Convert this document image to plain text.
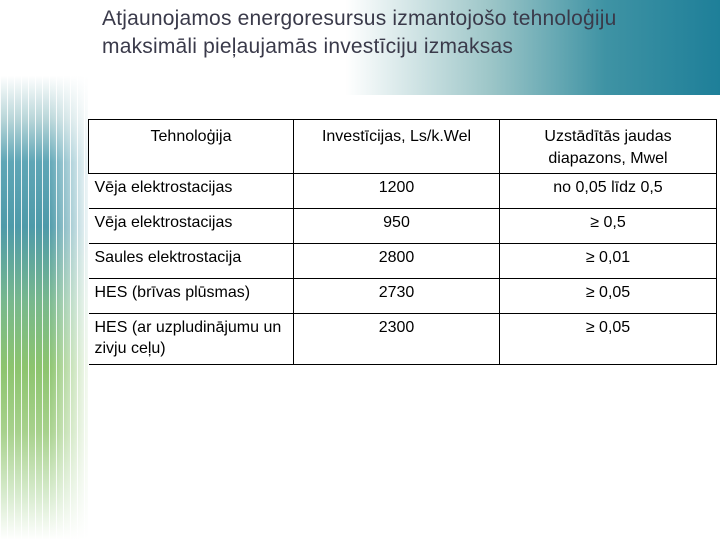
Atjaunojamos energoresursus izmantojošo tehnoloģiju maksimāli pieļaujamās investīciju izmaksas
Tehnoloģija	Investīcijas, Ls/k.Wel	Uzstādītās jaudas diapazons, Mwel
Vēja elektrostacijas	1200	no 0,05 līdz 0,5
Vēja elektrostacijas	950	≥ 0,5
Saules elektrostacija	2800	≥ 0,01
HES (brīvas plūsmas)	2730	≥ 0,05
HES (ar uzpludinājumu un zivju ceļu)	2300	≥ 0,05
